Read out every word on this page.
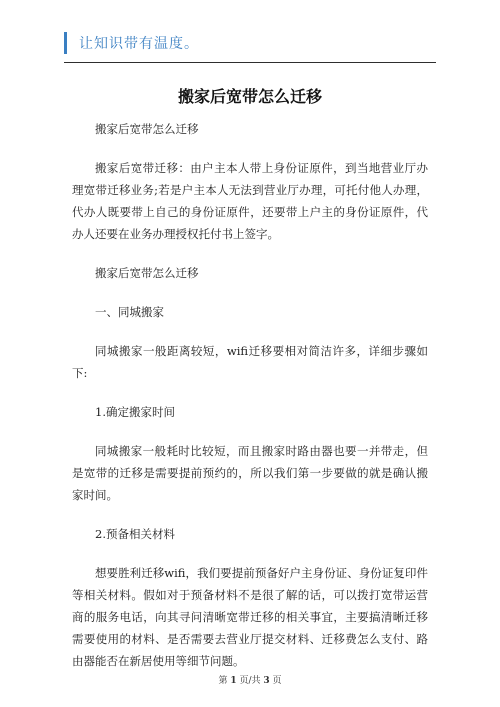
让知识带有温度。
搬家后宽带怎么迁移

搬家后宽带怎么迁移

搬家后宽带迁移：由户主本人带上身份证原件，到当地营业厅办理宽带迁移业务;若是户主本人无法到营业厅办理，可托付他人办理，代办人既要带上自己的身份证原件，还要带上户主的身份证原件，代办人还要在业务办理授权托付书上签字。

搬家后宽带怎么迁移

一、同城搬家

同城搬家一般距离较短，wifi迁移要相对简洁许多，详细步骤如下:

1.确定搬家时间

同城搬家一般耗时比较短，而且搬家时路由器也要一并带走，但是宽带的迁移是需要提前预约的，所以我们第一步要做的就是确认搬家时间。

2.预备相关材料

想要胜利迁移wifi，我们要提前预备好户主身份证、身份证复印件等相关材料。假如对于预备材料不是很了解的话，可以拨打宽带运营商的服务电话，向其寻问清晰宽带迁移的相关事宜，主要搞清晰迁移需要使用的材料、是否需要去营业厅提交材料、迁移费怎么支付、路由器能否在新居使用等细节问题。

第 1 页/共 3 页
